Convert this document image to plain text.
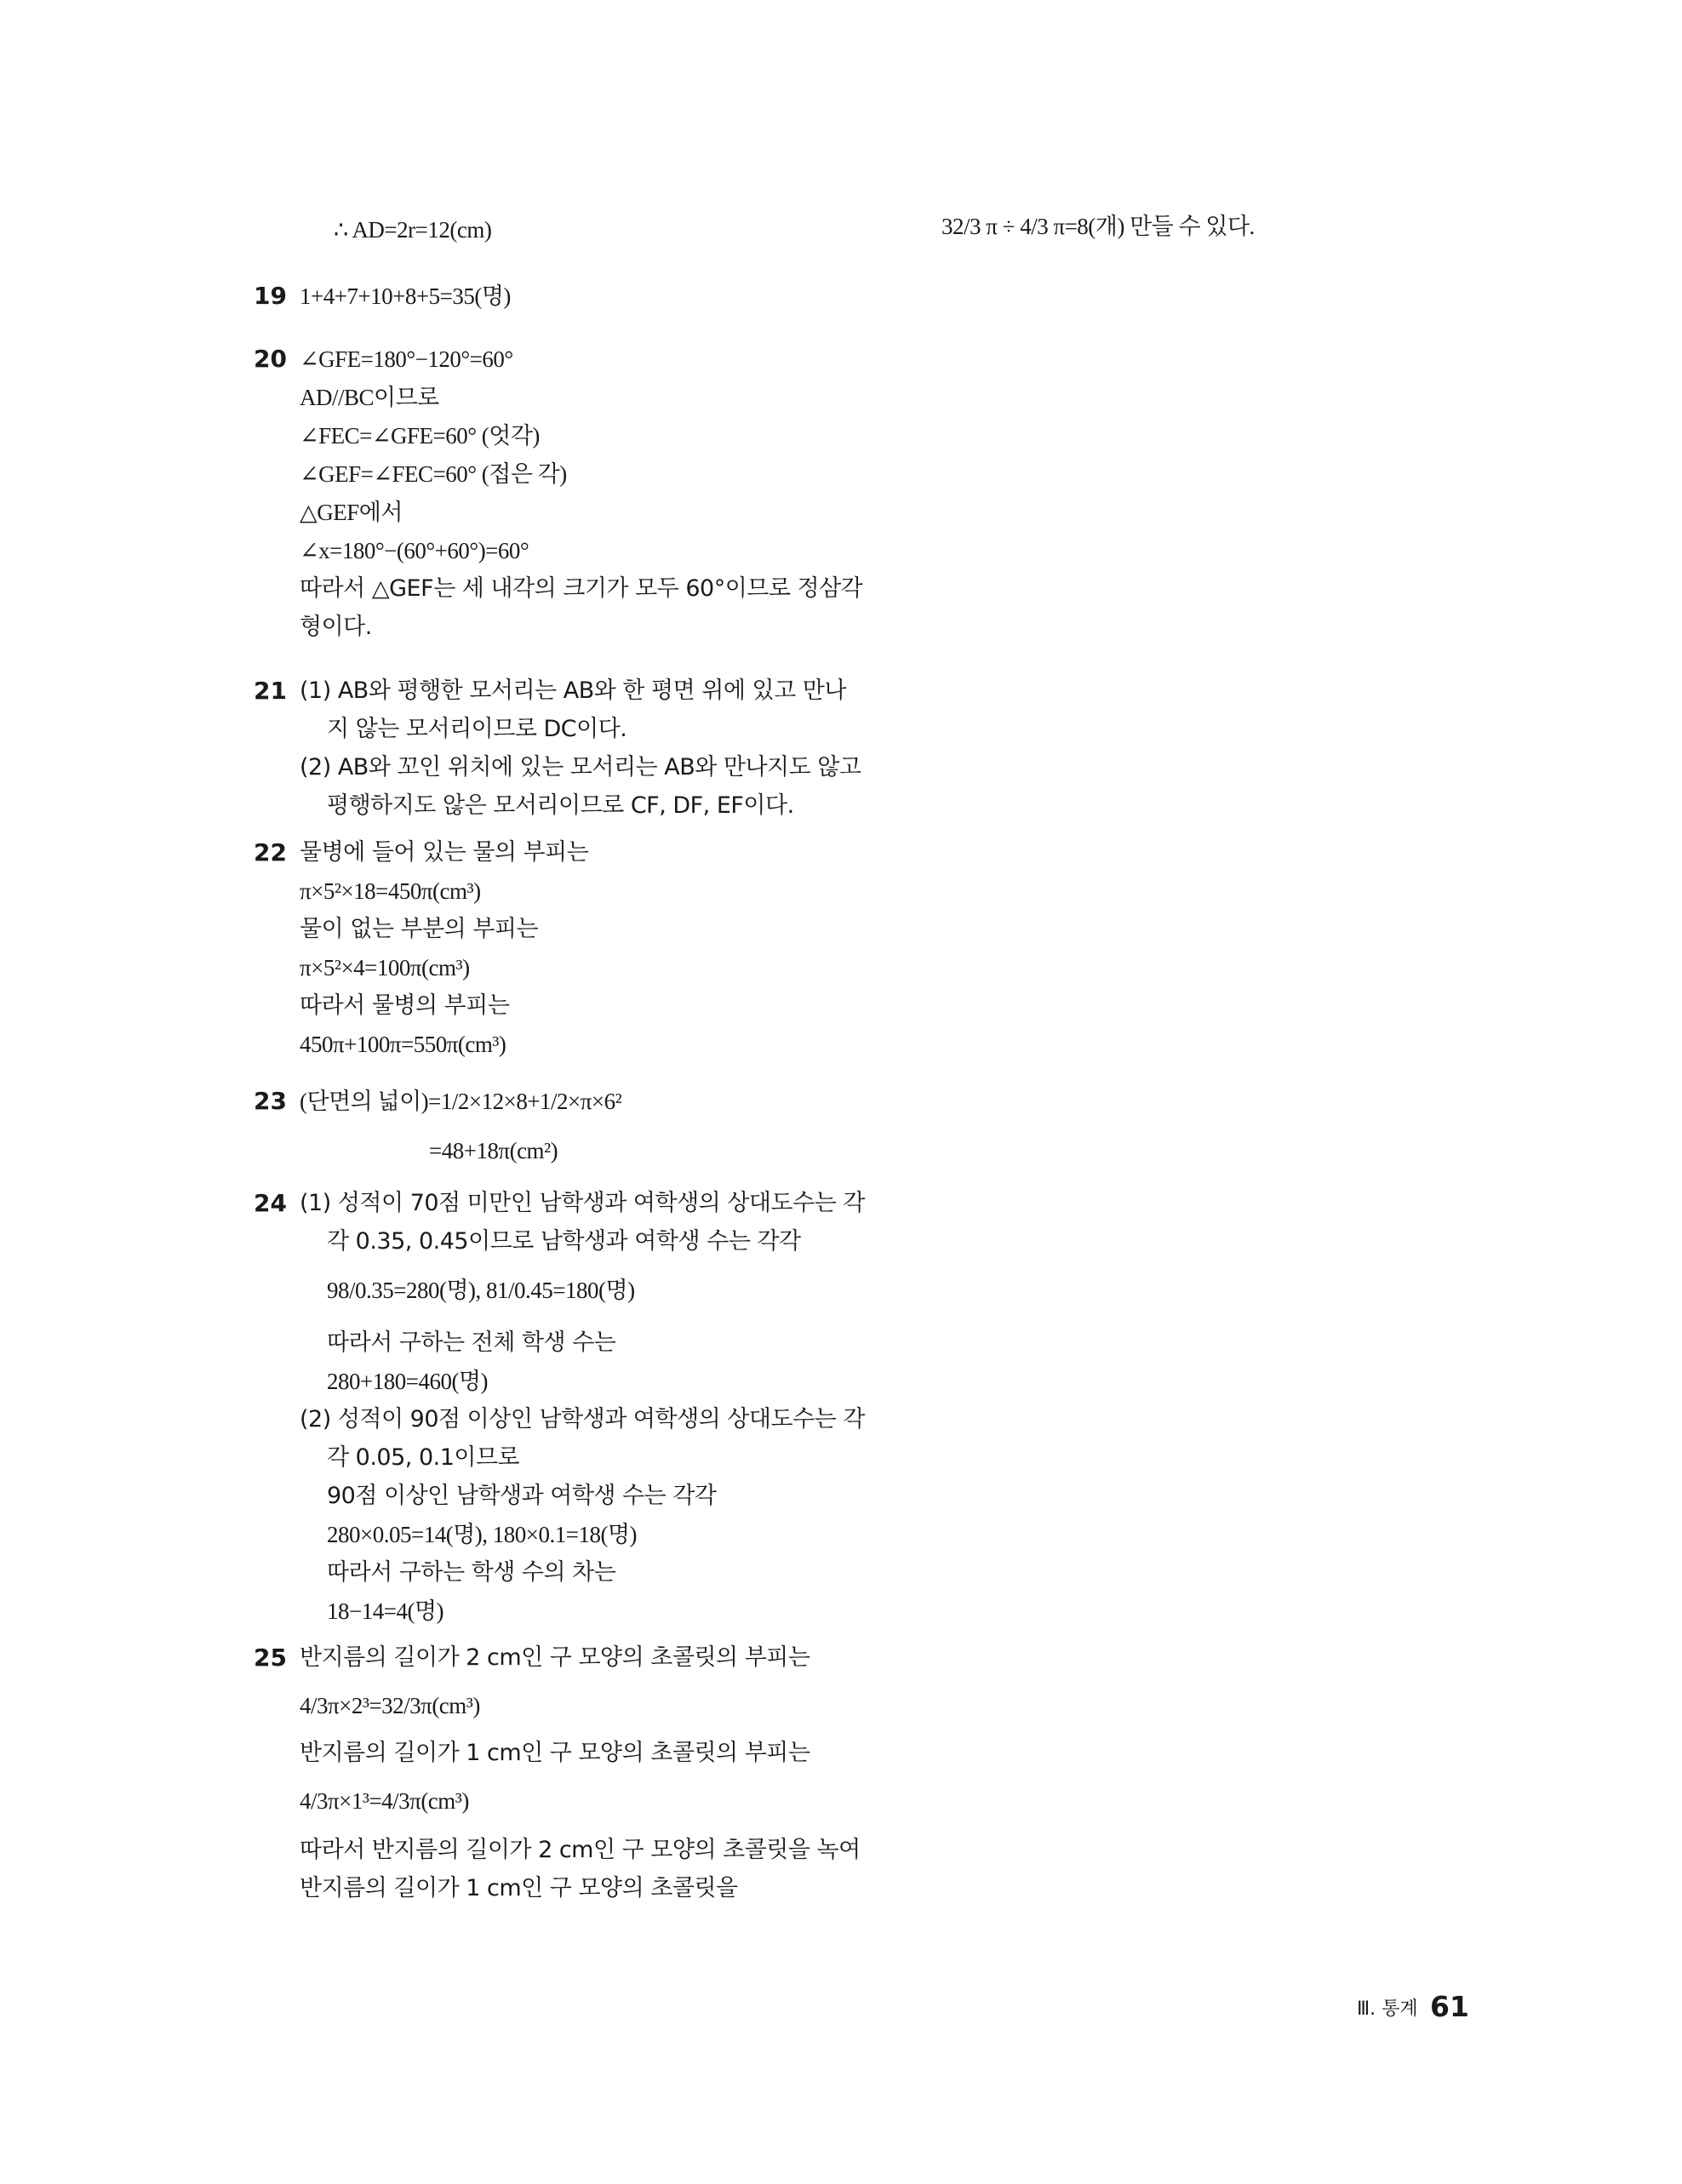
∴ AD=2r=12(cm)	32/3 π ÷ 4/3 π=8(개) 만들 수 있다.
19 1+4+7+10+8+5=35(명)
20 ∠GFE=180°−120°=60°
AD//BC이므로
∠FEC=∠GFE=60° (엇각)
∠GEF=∠FEC=60° (접은 각)
△GEF에서
∠x=180°−(60°+60°)=60°
따라서 △GEF는 세 내각의 크기가 모두 60°이므로 정삼각
형이다.
21 (1) AB와 평행한 모서리는 AB와 한 평면 위에 있고 만나
지 않는 모서리이므로 DC이다.
(2) AB와 꼬인 위치에 있는 모서리는 AB와 만나지도 않고
평행하지도 않은 모서리이므로 CF, DF, EF이다.
22 물병에 들어 있는 물의 부피는
π×5²×18=450π(cm³)
물이 없는 부분의 부피는
π×5²×4=100π(cm³)
따라서 물병의 부피는
450π+100π=550π(cm³)
23 (단면의 넓이)=1/2×12×8+1/2×π×6²
=48+18π(cm²)
24 (1) 성적이 70점 미만인 남학생과 여학생의 상대도수는 각
각 0.35, 0.45이므로 남학생과 여학생 수는 각각
98/0.35=280(명), 81/0.45=180(명)
따라서 구하는 전체 학생 수는
280+180=460(명)
(2) 성적이 90점 이상인 남학생과 여학생의 상대도수는 각
각 0.05, 0.1이므로
90점 이상인 남학생과 여학생 수는 각각
280×0.05=14(명), 180×0.1=18(명)
따라서 구하는 학생 수의 차는
18−14=4(명)
25 반지름의 길이가 2 cm인 구 모양의 초콜릿의 부피는
4/3π×2³=32/3π(cm³)
반지름의 길이가 1 cm인 구 모양의 초콜릿의 부피는
4/3π×1³=4/3π(cm³)
따라서 반지름의 길이가 2 cm인 구 모양의 초콜릿을 녹여
반지름의 길이가 1 cm인 구 모양의 초콜릿을
Ⅲ. 통계 61
